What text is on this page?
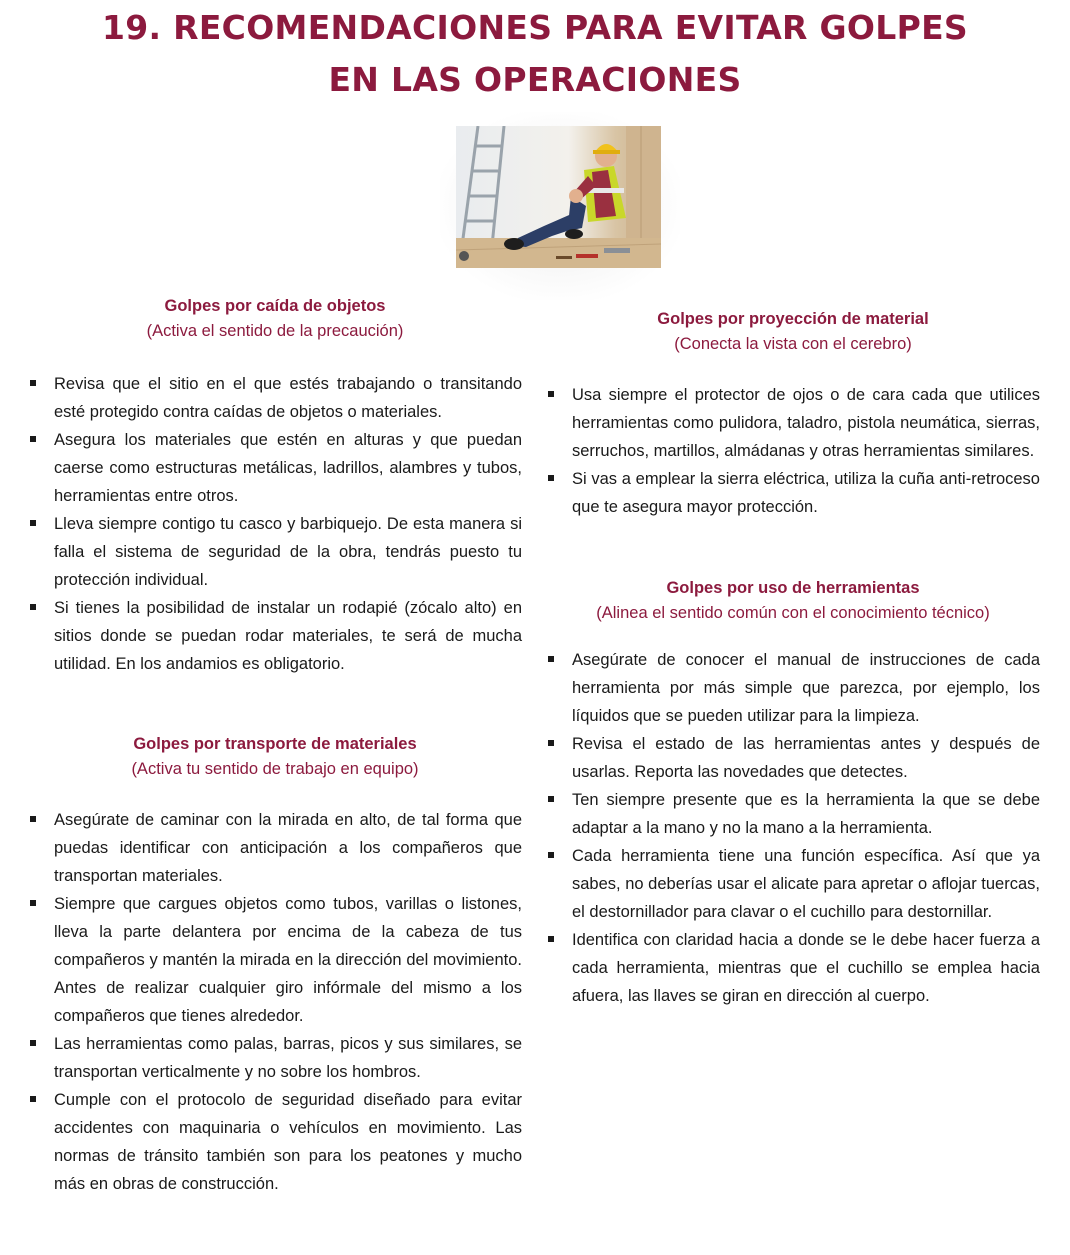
19. RECOMENDACIONES PARA EVITAR GOLPES
EN LAS OPERACIONES
Golpes por caída de objetos
(Activa el sentido de la precaución)
Revisa que el sitio en el que estés trabajando o transitando esté protegido contra caídas de objetos o materiales.
Asegura los materiales que estén en alturas y que puedan caerse como estructuras metálicas, ladrillos, alambres y tubos, herramientas entre otros.
Lleva siempre contigo tu casco y barbiquejo. De esta manera si falla el sistema de seguridad de la obra, tendrás puesto tu protección individual.
Si tienes la posibilidad de instalar un rodapié (zócalo alto) en sitios donde se puedan rodar materiales, te será de mucha utilidad. En los andamios es obligatorio.
Golpes por transporte de materiales
(Activa tu sentido de trabajo en equipo)
Asegúrate de caminar con la mirada en alto, de tal forma que puedas identificar con anticipación a los compañeros que transportan materiales.
Siempre que cargues objetos como tubos, varillas o listones, lleva la parte delantera por encima de la cabeza de tus compañeros y mantén la mirada en la dirección del movimiento. Antes de realizar cualquier giro infórmale del mismo a los compañeros que tienes alrededor.
Las herramientas como palas, barras, picos y sus similares, se transportan verticalmente y no sobre los hombros.
Cumple con el protocolo de seguridad diseñado para evitar accidentes con maquinaria o vehículos en movimiento. Las normas de tránsito también son para los peatones y mucho más en obras de construcción.
Golpes por proyección de material
(Conecta la vista con el cerebro)
Usa siempre el protector de ojos o de cara cada que utilices herramientas como pulidora, taladro, pistola neumática, sierras, serruchos, martillos, almádanas y otras herramientas similares.
Si vas a emplear la sierra eléctrica, utiliza la cuña anti-retroceso que te asegura mayor protección.
Golpes por uso de herramientas
(Alinea el sentido común con el conocimiento técnico)
Asegúrate de conocer el manual de instrucciones de cada herramienta por más simple que parezca, por ejemplo, los líquidos que se pueden utilizar para la limpieza.
Revisa el estado de las herramientas antes y después de usarlas. Reporta las novedades que detectes.
Ten siempre presente que es la herramienta la que se debe adaptar a la mano y no la mano a la herramienta.
Cada herramienta tiene una función específica. Así que ya sabes, no deberías usar el alicate para apretar o aflojar tuercas, el destornillador para clavar o el cuchillo para destornillar.
Identifica con claridad hacia a donde se le debe hacer fuerza a cada herramienta, mientras que el cuchillo se emplea hacia afuera, las llaves se giran en dirección al cuerpo.
